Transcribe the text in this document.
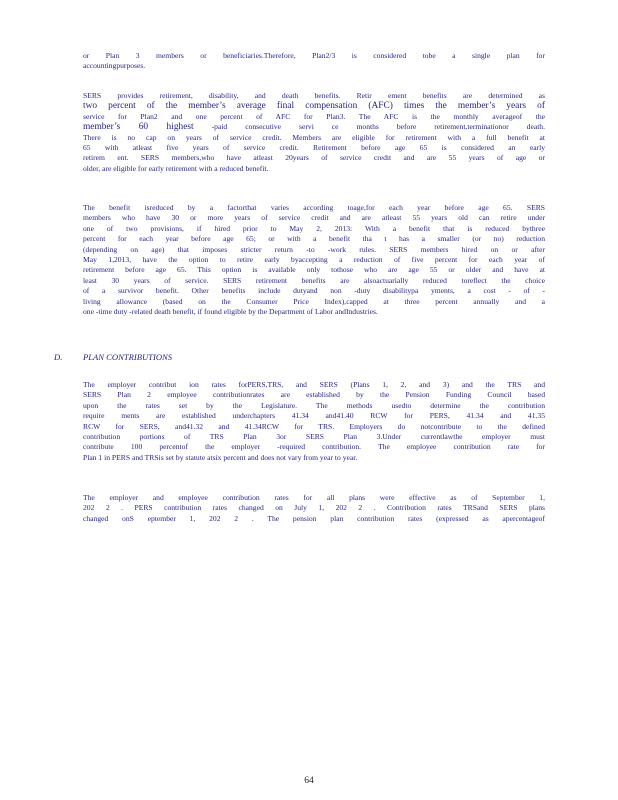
or Plan 3 members or beneficiaries.Therefore, Plan2/3 is considered tobe a single plan for

accountingpurposes.

SERS provides retirement, disability, and death benefits. Retir ement benefits are determined as

two percent of the member’s average final compensation (AFC) times the member’s years of

service for Plan2 and one percent of AFC for Plan3. The AFC is the monthly averageof the

member’s 60 highest -paid consecutive servi ce months before retirement,terminationor death.

There is no cap on years of service credit. Members are eligible for retirement with a full benefit at

65 with atleast five years of service credit. Retirement before age 65 is considered an early

retirem ent. SERS members,who have atleast 20years of service credit and are 55 years of age or

older, are eligible for early retirement with a reduced benefit.

The benefit isreduced by a factorthat varies according toage,for each year before age 65. SERS

members who have 30 or more years of service credit and are atleast 55 years old can retire under

one of two provisions, if hired prior to May 2, 2013: With a benefit that is reduced bythree

percent for each year before age 65; or with a benefit tha t has a smaller (or no) reduction

(depending on age) that imposes stricter return -to -work rules. SERS members hired on or after

May 1,2013, have the option to retire early byaccepting a reduction of five percent for each year of

retirement before age 65. This option is available only tothose who are age 55 or older and have at

least 30 years of service. SERS retirement benefits are alsoactuarially reduced toreflect the choice

of a survivor benefit. Other benefits include dutyand non -duty disabilitypa yments, a cost - of -

living allowance (based on the Consumer Price Index),capped at three percent annually and a

one -time duty -related death benefit, if found eligible by the Department of Labor andIndustries.

D. PLAN CONTRIBUTIONS

The employer contribut ion rates forPERS,TRS, and SERS (Plans 1, 2, and 3) and the TRS and

SERS Plan 2 employee contributionrates are established by the Pension Funding Council based

upon the rates set by the Legislature. The methods usedto determine the contribution

require ments are established underchapters 41.34 and41.40 RCW for PERS, 41.34 and 41.35

RCW for SERS, and41.32 and 41.34RCW for TRS. Employers do notcontribute to the defined

contribution portions of TRS Plan 3or SERS Plan 3.Under currentlawthe employer must

contribute 100 percentof the employer -required contribution. The employee contribution rate for

Plan 1 in PERS and TRSis set by statute atsix percent and does not vary from year to year.

The employer and employee contribution rates for all plans were effective as of September 1,

202 2 . PERS contribution rates changed on July 1, 202 2 . Contribution rates TRSand SERS plans

changed onS eptember 1, 202 2 . The pension plan contribution rates (expressed as apercentageof

64
